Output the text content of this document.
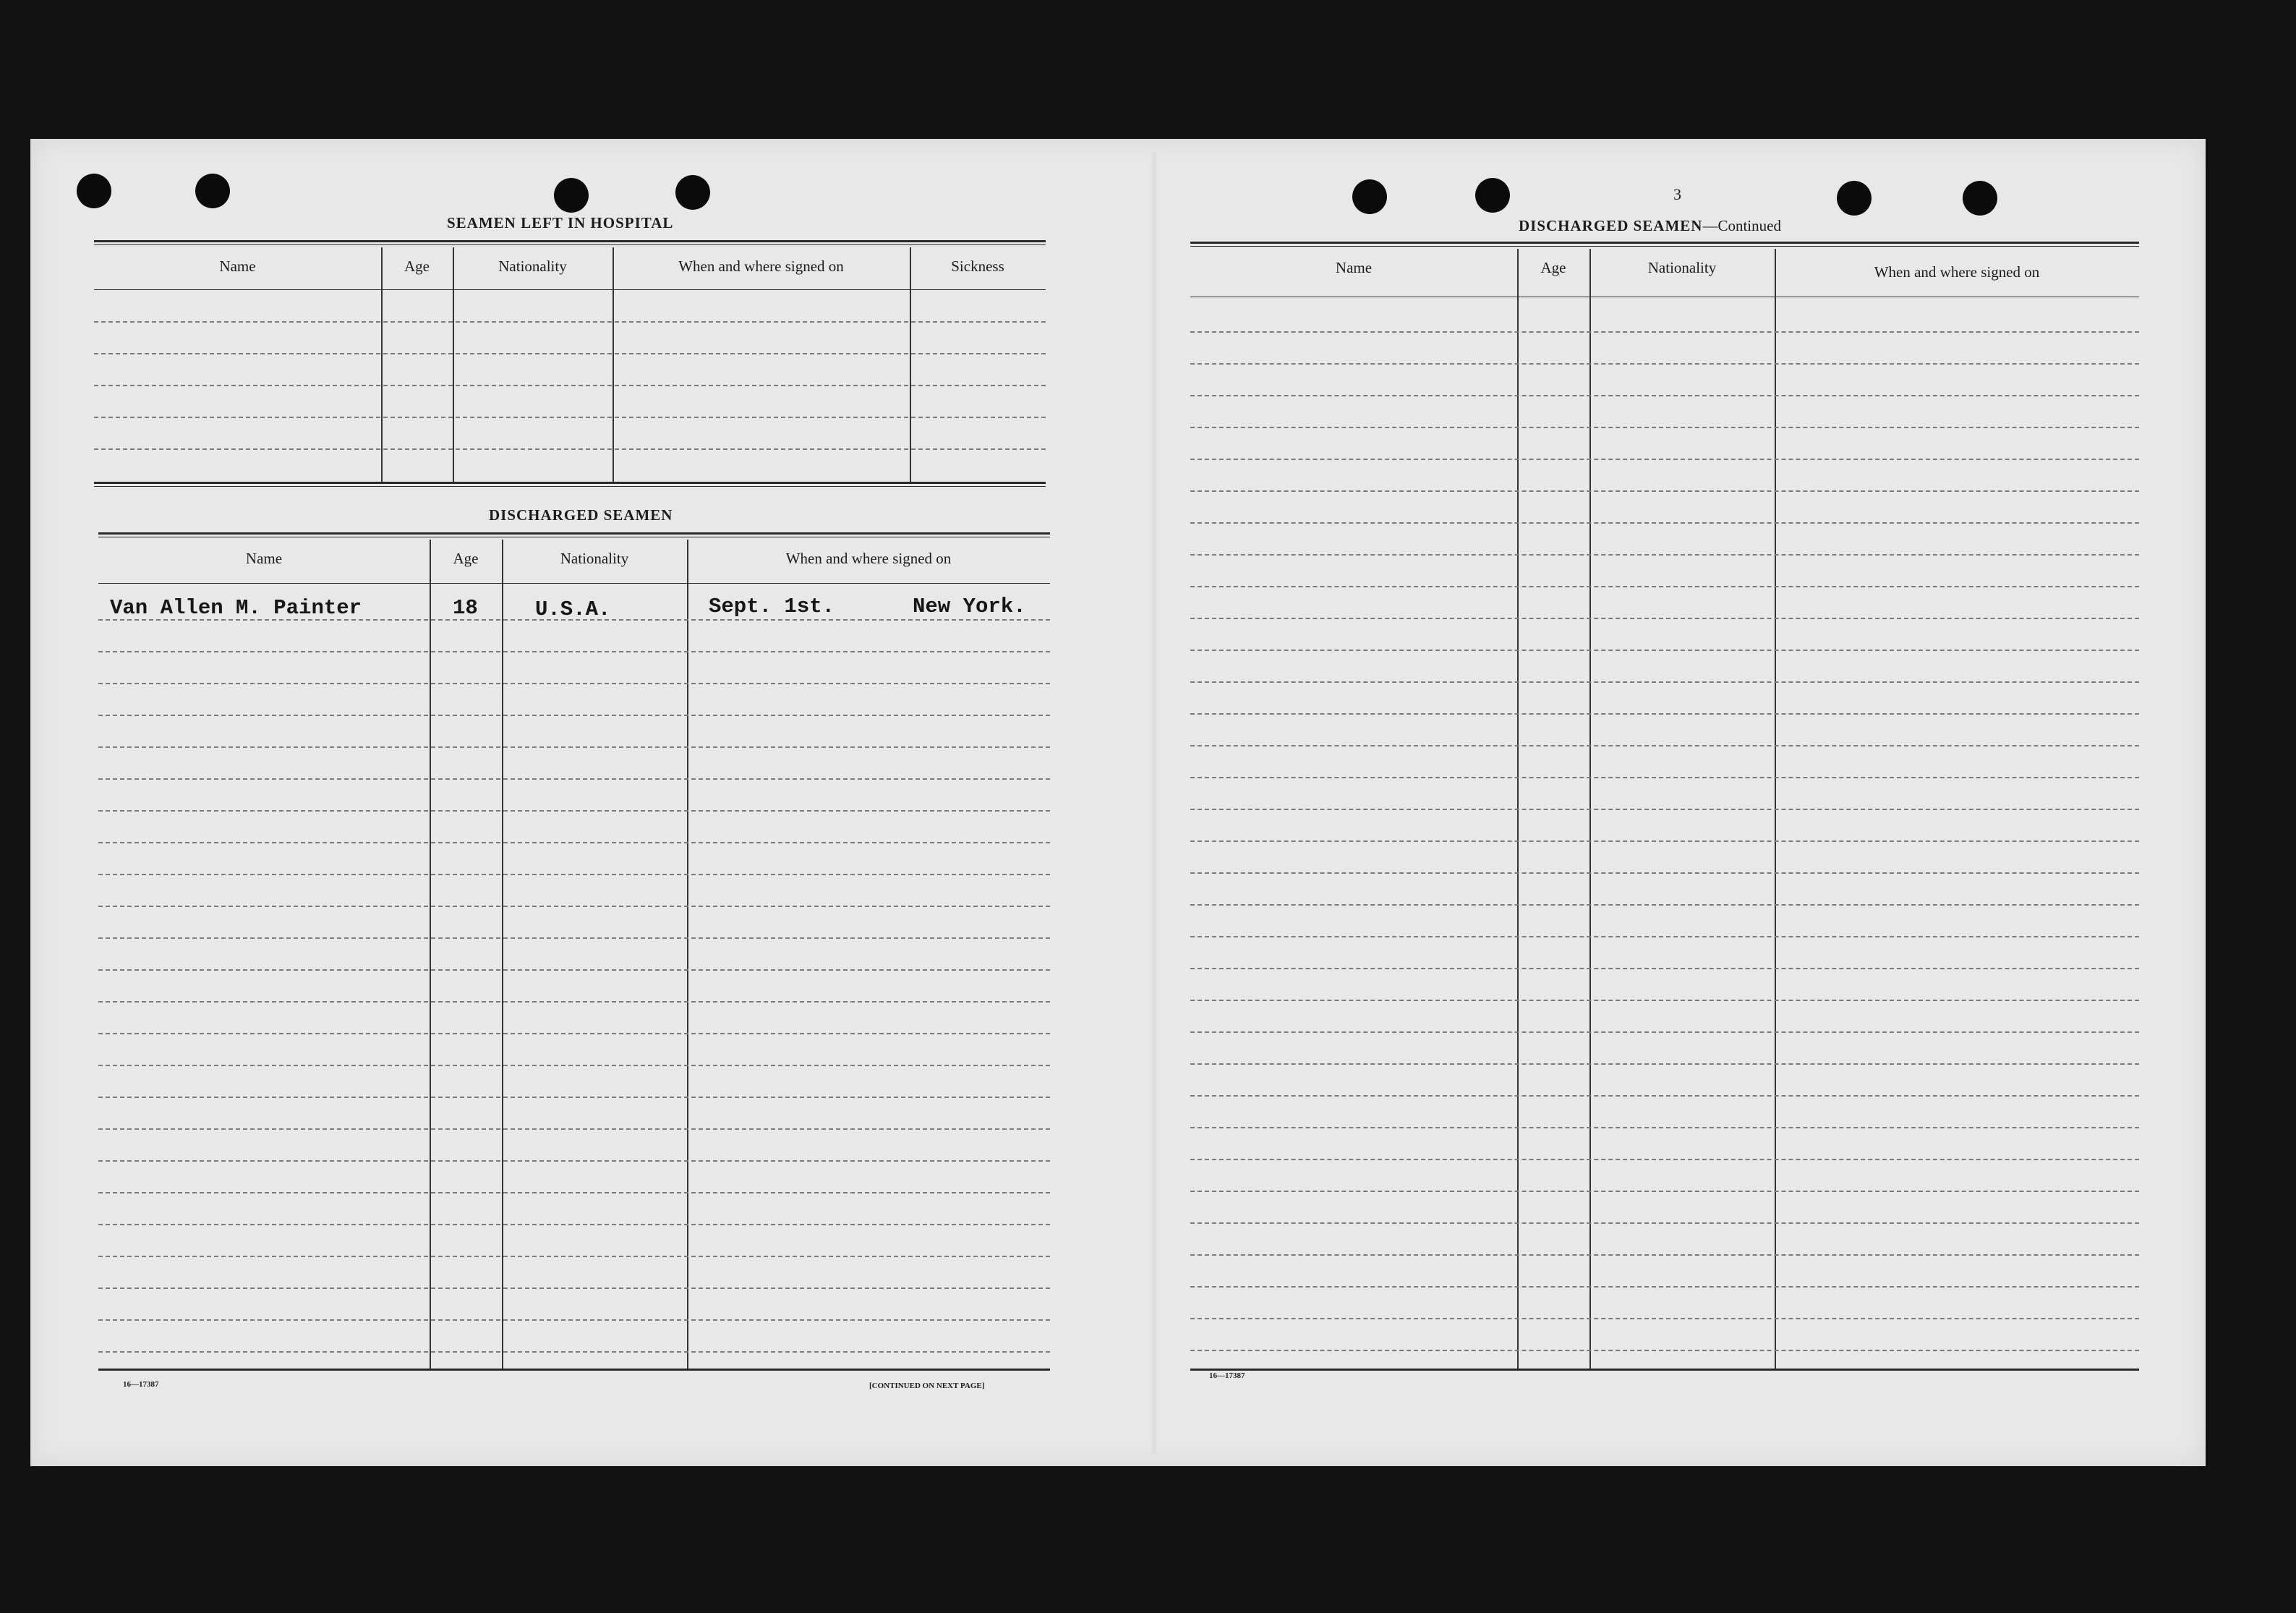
SEAMEN LEFT IN HOSPITAL
Name	Age	Nationality	When and where signed on	Sickness
DISCHARGED SEAMEN
Name	Age	Nationality	When and where signed on
Van Allen M. Painter	18	U.S.A.	Sept. 1st.	New York.
16—17387	[CONTINUED ON NEXT PAGE]
3
DISCHARGED SEAMEN—Continued
Name	Age	Nationality	When and where signed on
16—17387
